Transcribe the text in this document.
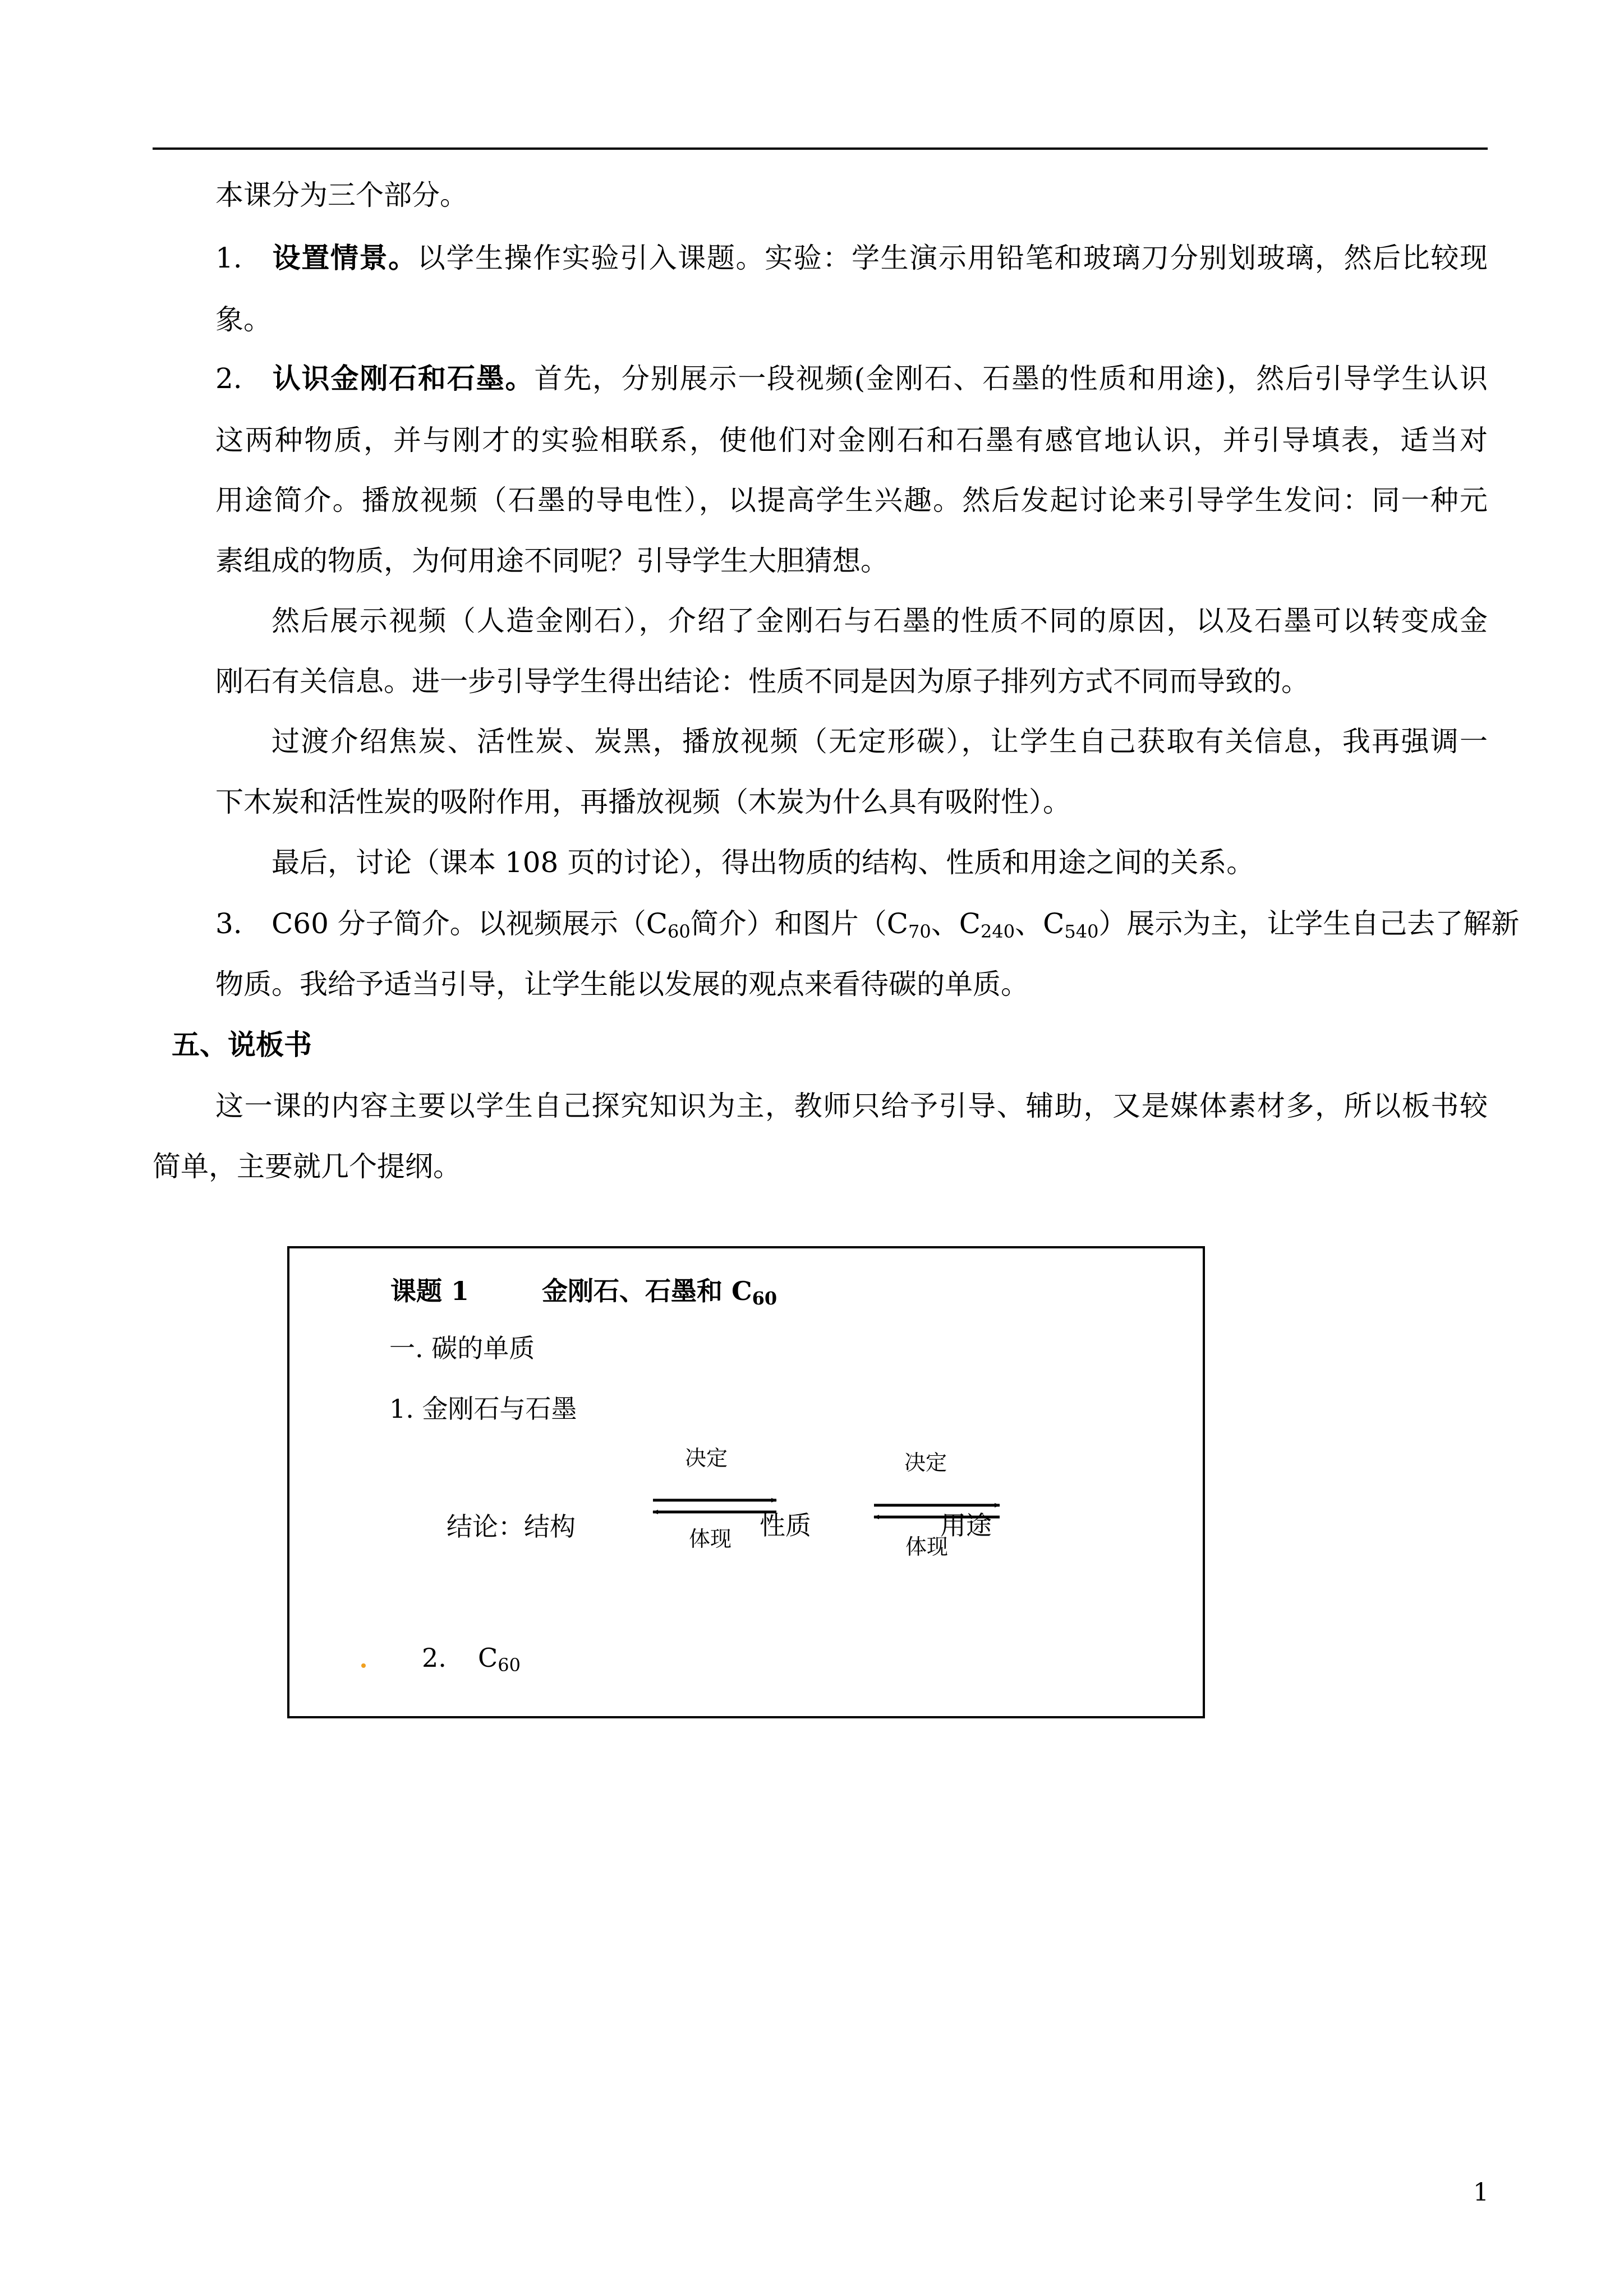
本课分为三个部分。
1. 设置情景。以学生操作实验引入课题。实验：学生演示用铅笔和玻璃刀分别划玻璃，然后比较现
象。
2. 认识金刚石和石墨。首先，分别展示一段视频(金刚石、石墨的性质和用途)，然后引导学生认识
这两种物质，并与刚才的实验相联系，使他们对金刚石和石墨有感官地认识，并引导填表，适当对
用途简介。播放视频（石墨的导电性），以提高学生兴趣。然后发起讨论来引导学生发问：同一种元
素组成的物质，为何用途不同呢？引导学生大胆猜想。
然后展示视频（人造金刚石），介绍了金刚石与石墨的性质不同的原因，以及石墨可以转变成金
刚石有关信息。进一步引导学生得出结论：性质不同是因为原子排列方式不同而导致的。
过渡介绍焦炭、活性炭、炭黑，播放视频（无定形碳），让学生自己获取有关信息，我再强调一
下木炭和活性炭的吸附作用，再播放视频（木炭为什么具有吸附性）。
最后，讨论（课本 108 页的讨论），得出物质的结构、性质和用途之间的关系。
3. C60 分子简介。以视频展示（$C_{60}$简介）和图片（$C_{70}$、$C_{240}$、$C_{540}$）展示为主，让学生自己去了解新
物质。我给予适当引导，让学生能以发展的观点来看待碳的单质。
五、说板书
这一课的内容主要以学生自己探究知识为主，教师只给予引导、辅助，又是媒体素材多，所以板书较
简单，主要就几个提纲。
课题 1	金刚石、石墨和 $C_{60}$
一. 碳的单质
1. 金刚石与石墨
决定	决定
结论：结构	性质	用途
体现	体现
2. $C_{60}$
1
